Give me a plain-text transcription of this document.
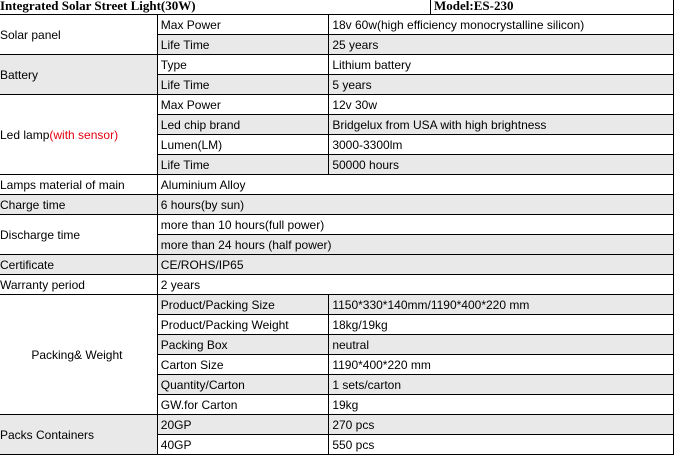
Integrated Solar Street Light(30W)			Model:ES-230
Solar panel	Max Power	18v 60w(high efficiency monocrystalline silicon)	
	Life Time	25 years	
Battery	Type	Lithium battery	
	Life Time	5 years	
Led lamp(with sensor)	Max Power	12v 30w	
	Led chip brand	Bridgelux from USA with high brightness	
	Lumen(LM)	3000-3300lm	
	Life Time	50000 hours	
Lamps material of main	Aluminium Alloy		
Charge time	6 hours(by sun)		
Discharge time	more than 10 hours(full power)		
	more than 24 hours (half power)		
Certificate	CE/ROHS/IP65		
Warranty period	2 years		
Packing& Weight	Product/Packing Size	1150*330*140mm/1190*400*220 mm	
	Product/Packing Weight	18kg/19kg	
	Packing Box	neutral	
	Carton Size	1190*400*220 mm	
	Quantity/Carton	1 sets/carton	
	GW.for Carton	19kg	
Packs Containers	20GP	270 pcs	
	40GP	550 pcs	
